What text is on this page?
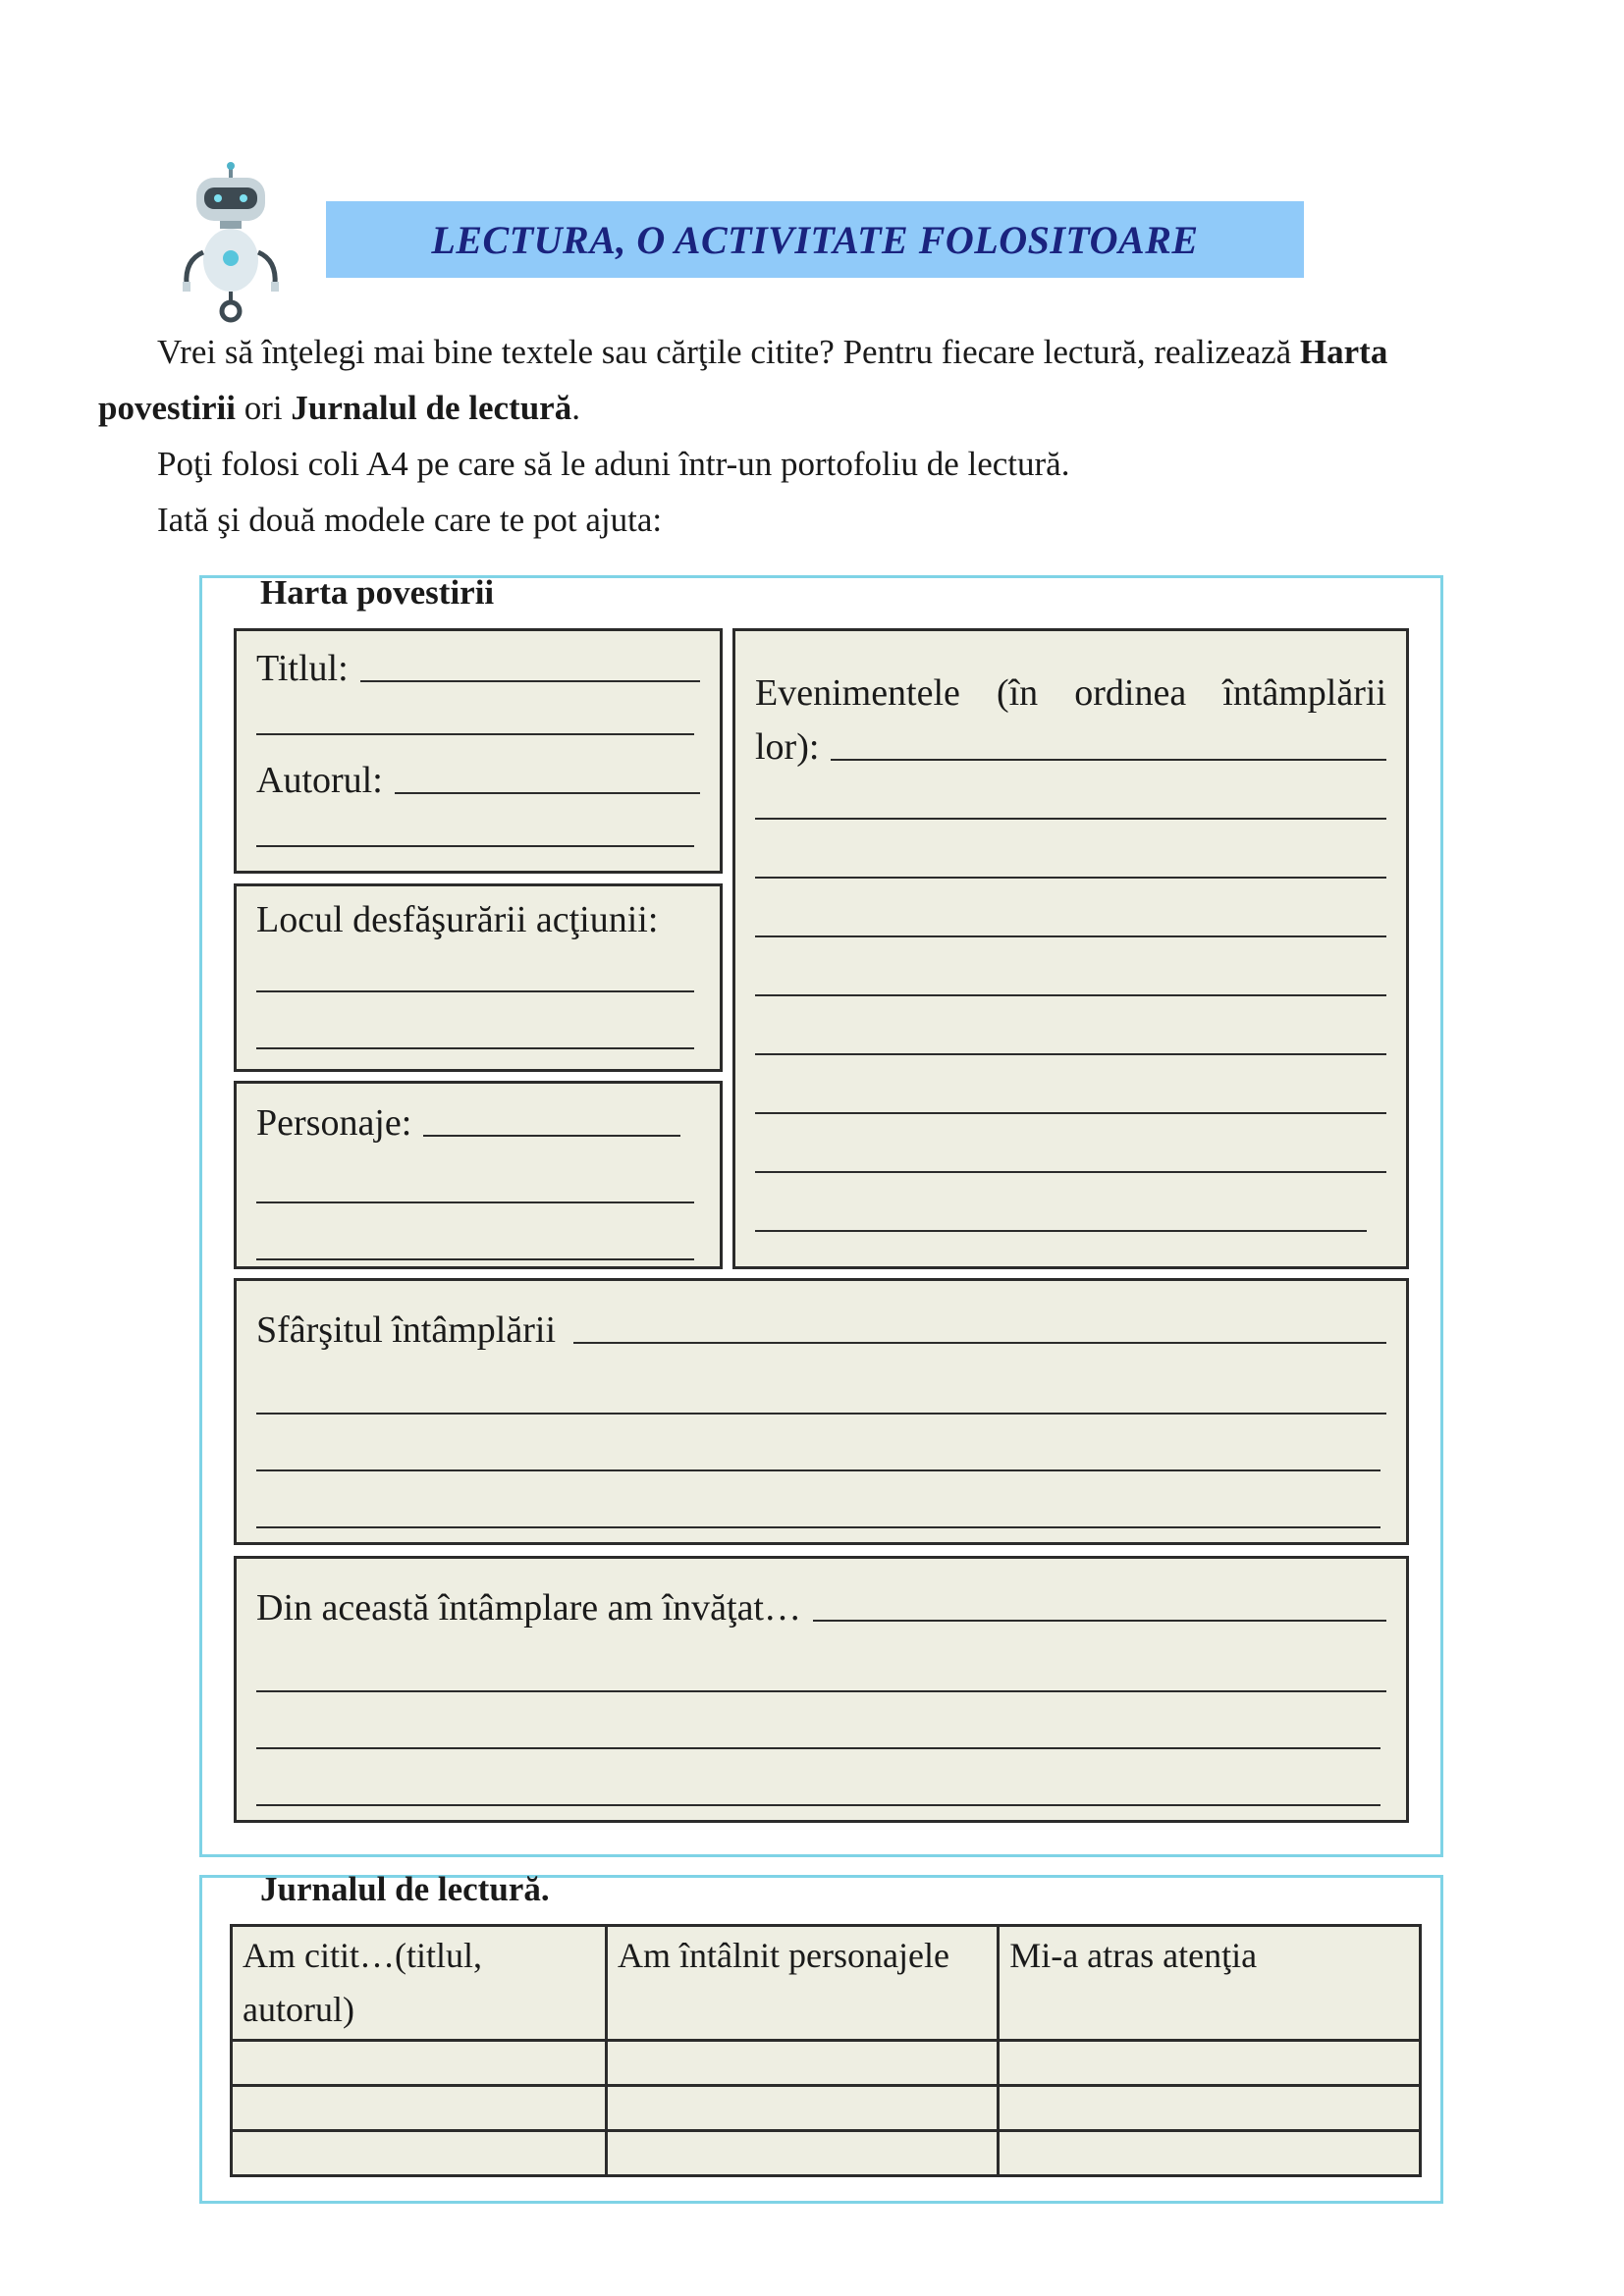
LECTURA, O ACTIVITATE FOLOSITOARE

Vrei să înţelegi mai bine textele sau cărţile citite? Pentru fiecare lectură, realizează Harta povestirii ori Jurnalul de lectură.

Poţi folosi coli A4 pe care să le aduni într-un portofoliu de lectură.

Iată şi două modele care te pot ajuta:

Harta povestirii
Titlul:
Autorul:
Locul desfăşurării acţiunii:
Personaje:
Evenimentele (în ordinea întâmplării
lor):
Sfârşitul întâmplării
Din această întâmplare am învăţat…
Jurnalul de lectură.
Am citit…(titlul, autorul)	Am întâlnit personajele	Mi-a atras atenţia
